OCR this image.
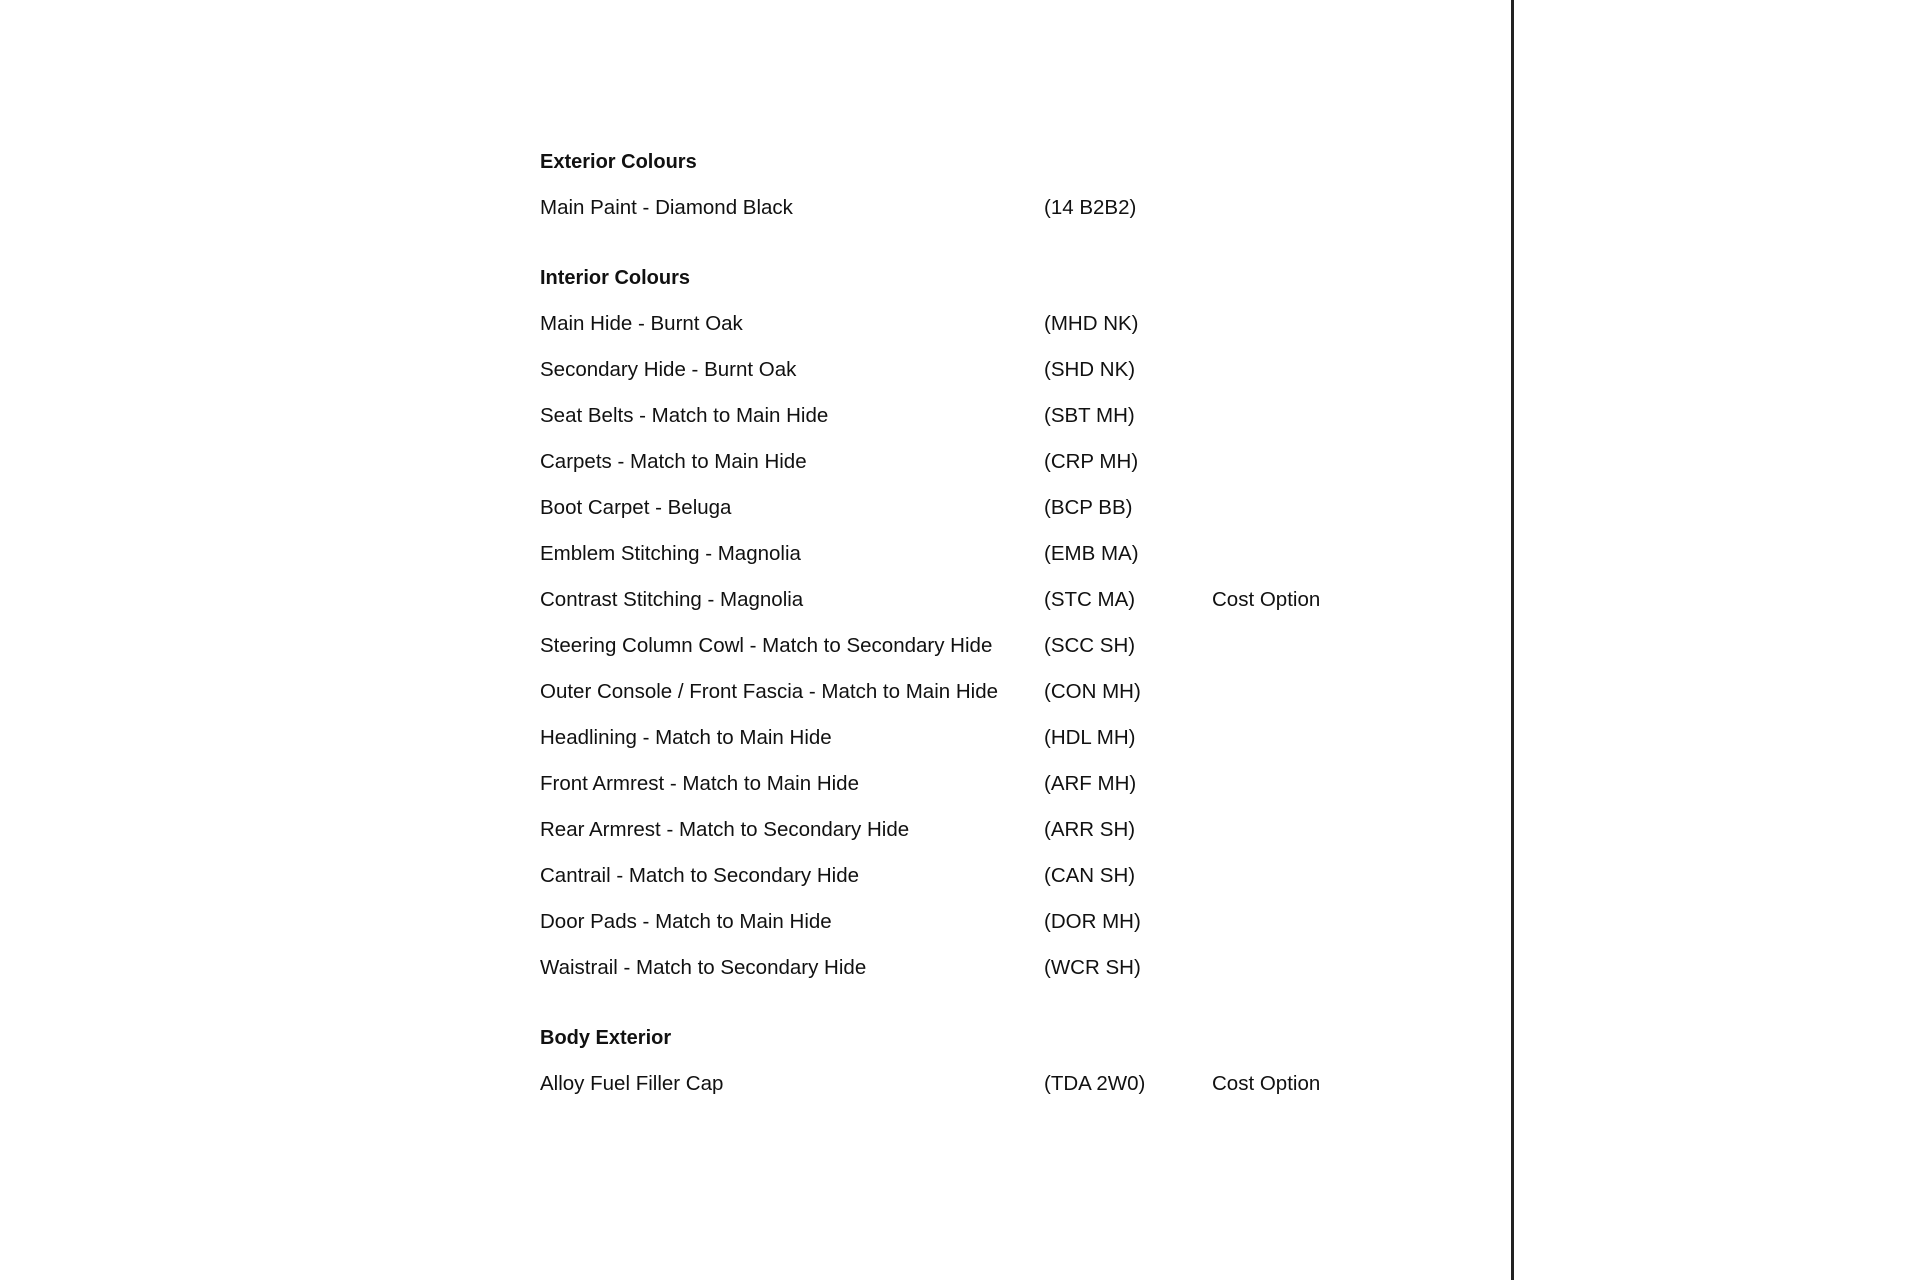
Exterior Colours
Main Paint - Diamond Black	(14 B2B2)
Interior Colours
Main Hide - Burnt Oak	(MHD NK)
Secondary Hide - Burnt Oak	(SHD NK)
Seat Belts - Match to Main Hide	(SBT MH)
Carpets - Match to Main Hide	(CRP MH)
Boot Carpet - Beluga	(BCP BB)
Emblem Stitching - Magnolia	(EMB MA)
Contrast Stitching - Magnolia	(STC MA)	Cost Option
Steering Column Cowl - Match to Secondary Hide	(SCC SH)
Outer Console / Front Fascia - Match to Main Hide	(CON MH)
Headlining - Match to Main Hide	(HDL MH)
Front Armrest - Match to Main Hide	(ARF MH)
Rear Armrest - Match to Secondary Hide	(ARR SH)
Cantrail - Match to Secondary Hide	(CAN SH)
Door Pads - Match to Main Hide	(DOR MH)
Waistrail - Match to Secondary Hide	(WCR SH)
Body Exterior
Alloy Fuel Filler Cap	(TDA 2W0)	Cost Option
